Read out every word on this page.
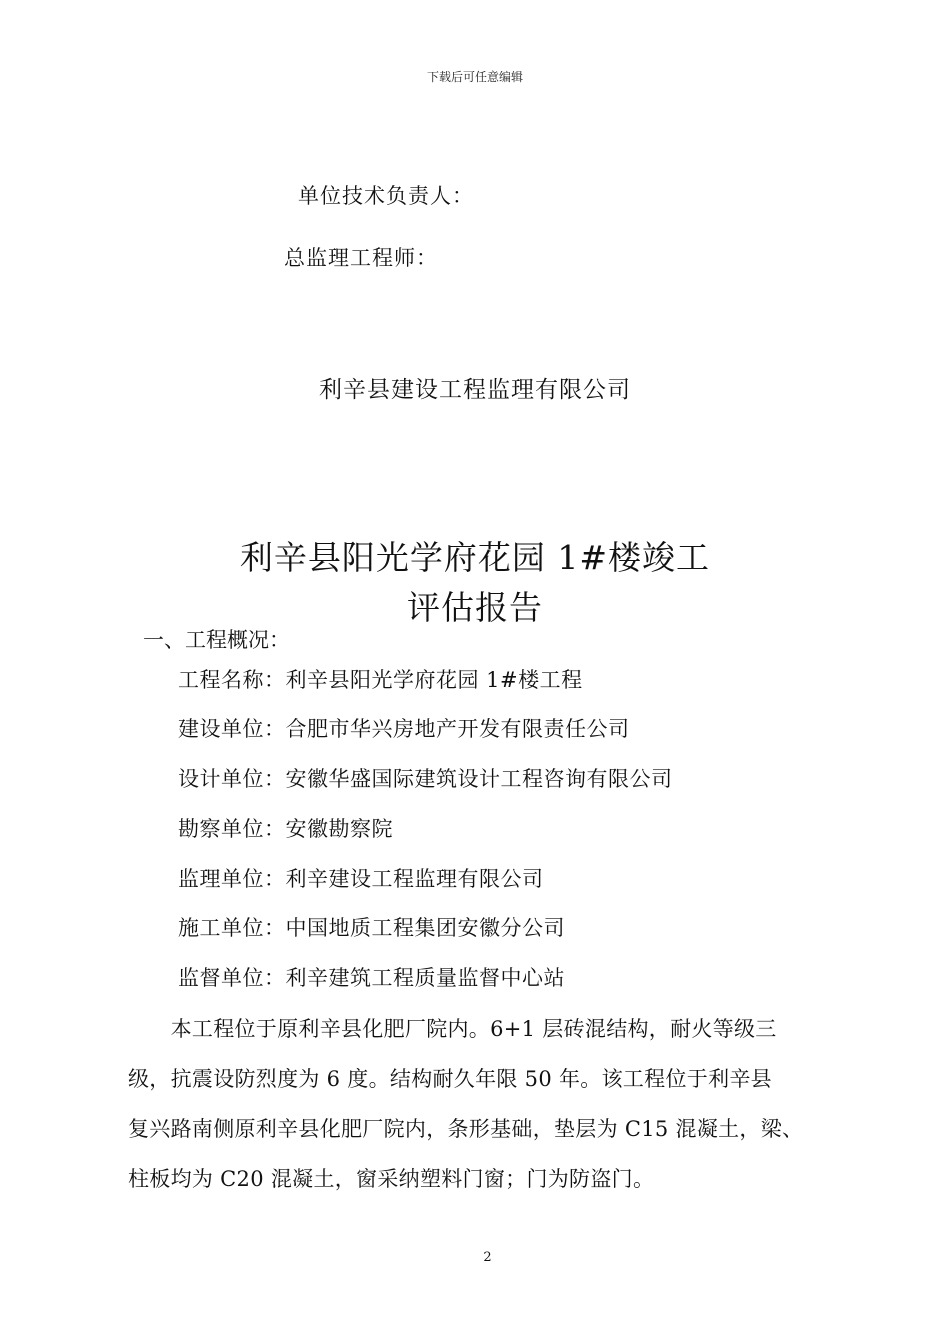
下载后可任意编辑
单位技术负责人：
总监理工程师：
利辛县建设工程监理有限公司
利辛县阳光学府花园 1#楼竣工
评估报告
一、工程概况：
工程名称：利辛县阳光学府花园 1#楼工程
建设单位：合肥市华兴房地产开发有限责任公司
设计单位：安徽华盛国际建筑设计工程咨询有限公司
勘察单位：安徽勘察院
监理单位：利辛建设工程监理有限公司
施工单位：中国地质工程集团安徽分公司
监督单位：利辛建筑工程质量监督中心站
　　本工程位于原利辛县化肥厂院内。6+1 层砖混结构，耐火等级三
级，抗震设防烈度为 6 度。结构耐久年限 50 年。该工程位于利辛县
复兴路南侧原利辛县化肥厂院内，条形基础，垫层为 C15 混凝土，梁、
柱板均为 C20 混凝土，窗采纳塑料门窗；门为防盗门。
2
